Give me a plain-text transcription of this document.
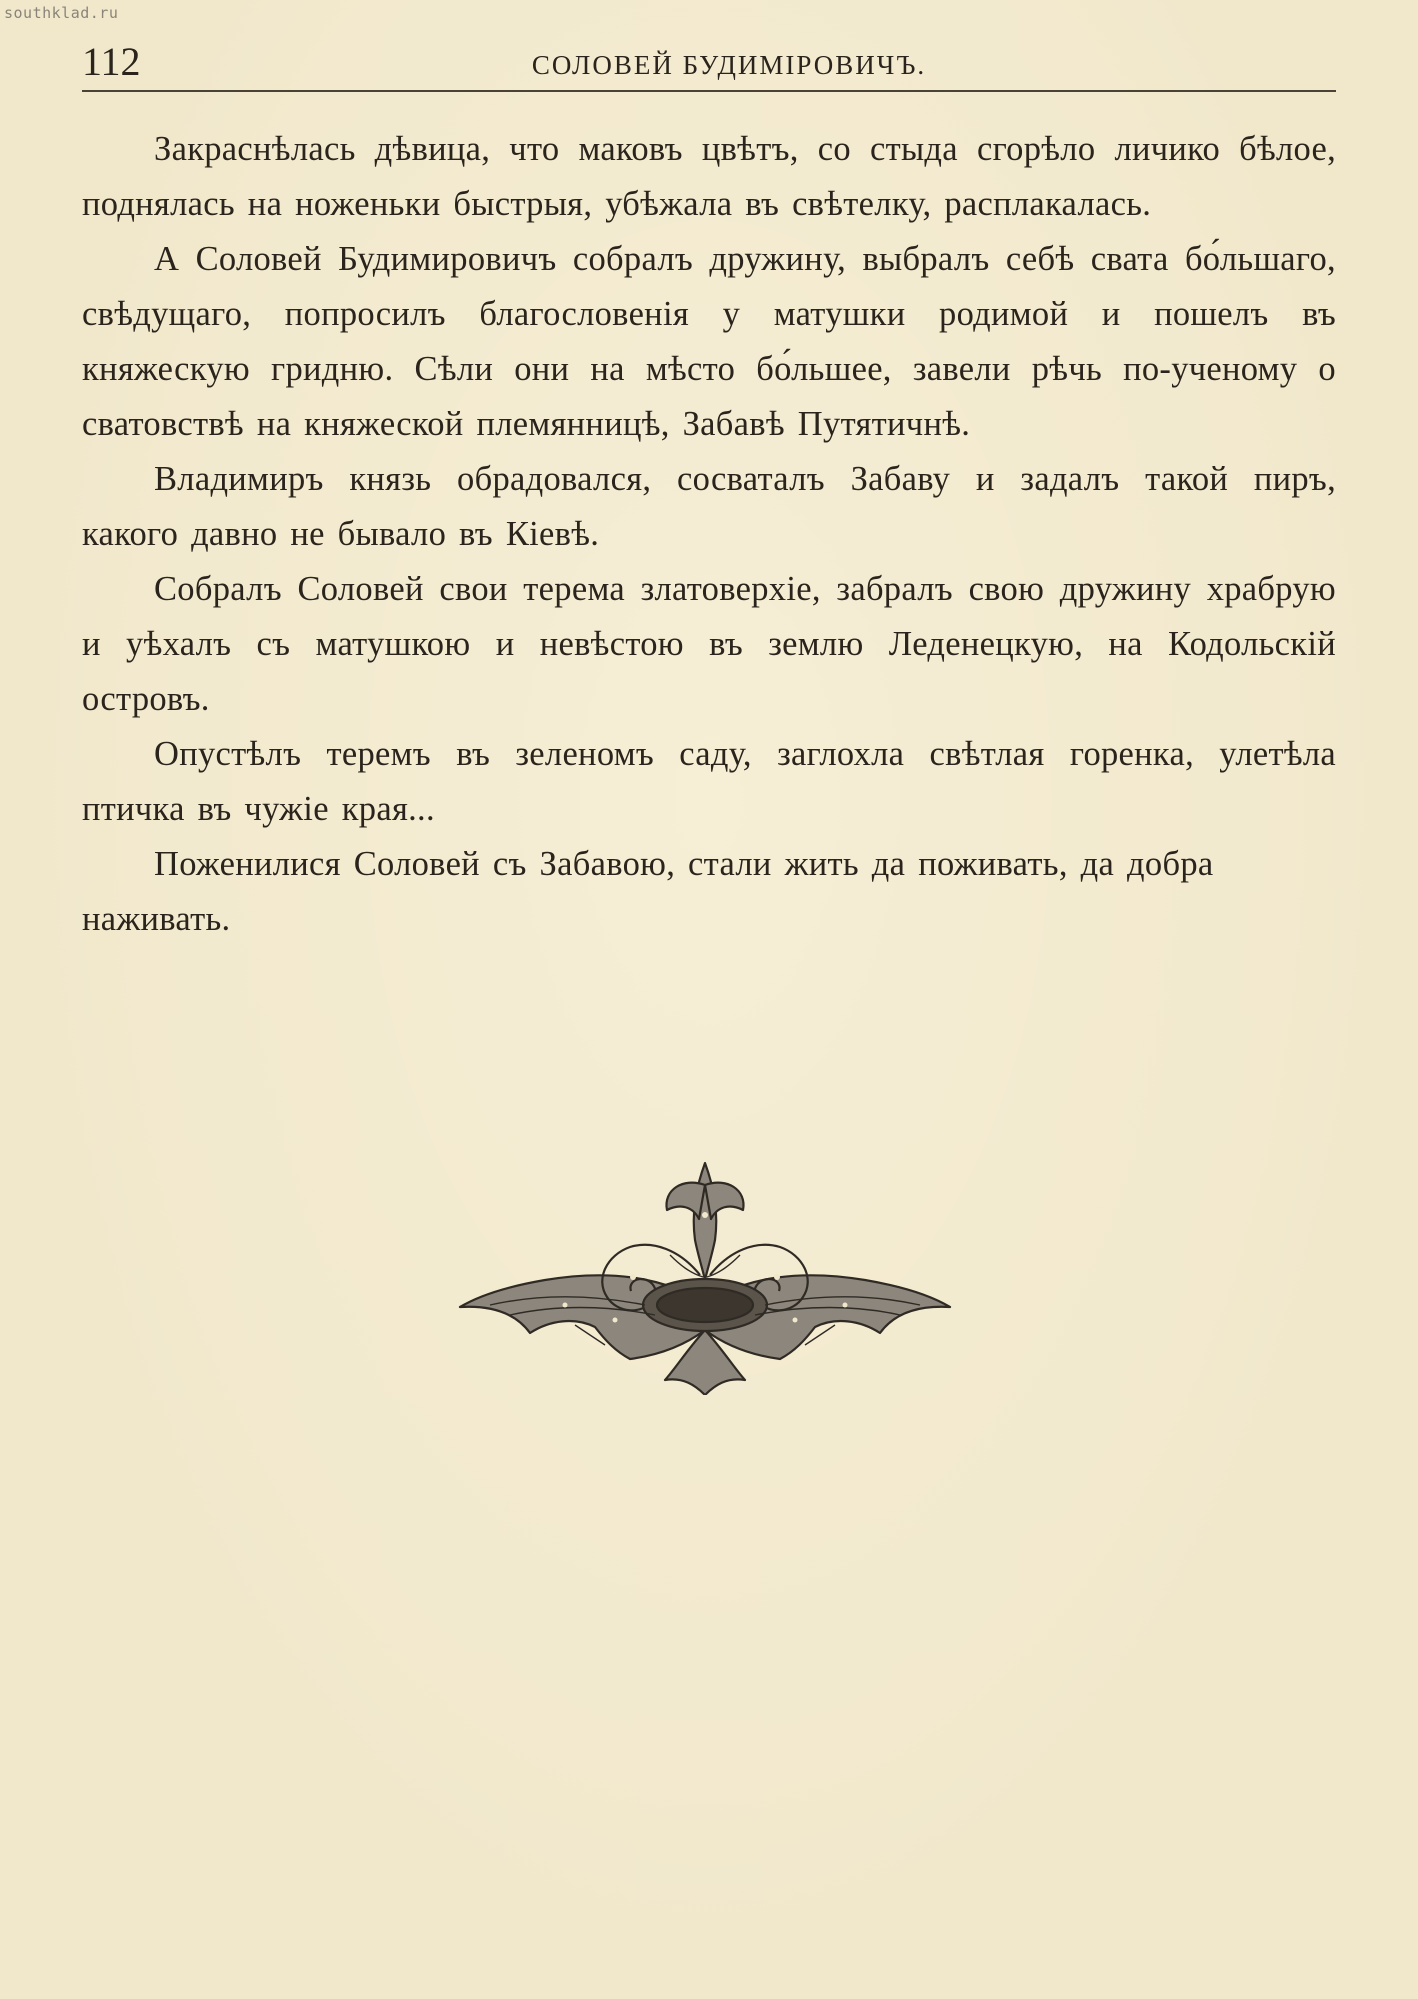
southklad.ru
112	СОЛОВЕЙ БУДИМІРОВИЧЪ.

Закраснѣлась дѣвица, что маковъ цвѣтъ, со стыда сгорѣло личико бѣлое, поднялась на ноженьки быстрыя, убѣжала въ свѣтелку, расплакалась.

А Соловей Будимировичъ собралъ дружину, выбралъ себѣ свата бо́льшаго, свѣдущаго, попросилъ благословенія у матушки родимой и пошелъ въ княжескую гридню. Сѣли они на мѣсто бо́льшее, завели рѣчь по-ученому о сватовствѣ на княжеской племянницѣ, Забавѣ Путятичнѣ.

Владимиръ князь обрадовался, сосваталъ Забаву и задалъ такой пиръ, какого давно не бывало въ Кіевѣ.

Собралъ Соловей свои терема златоверхіе, забралъ свою дружину храбрую и уѣхалъ съ матушкою и невѣстою въ землю Леденецкую, на Кодольскій островъ.

Опустѣлъ теремъ въ зеленомъ саду, заглохла свѣтлая горенка, улетѣла птичка въ чужіе края...

Поженилися Соловей съ Забавою, стали жить да поживать, да добра наживать.
